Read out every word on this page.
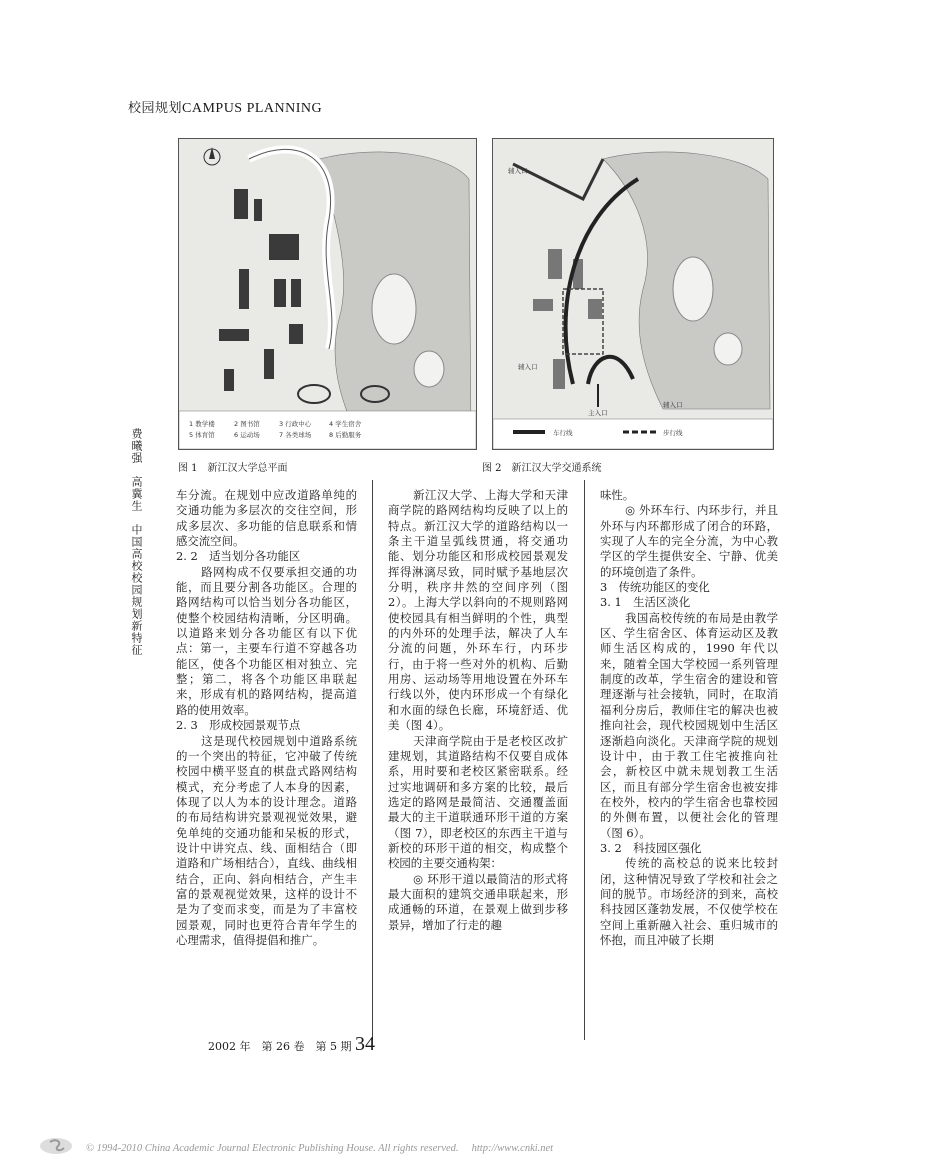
校园规划CAMPUS PLANNING
1 教学楼	2 图书馆	3 行政中心	4 学生宿舍
5 体育馆	6 运动场	7 各类球场	8 后勤服务
辅入口
辅入口
辅入口
主入口
车行线	步行线
图 1　新江汉大学总平面	图 2　新江汉大学交通系统
费曦强　高冀生　中国高校校园规划新特征	车分流。在规划中应改道路单纯的交通功能为多层次的交往空间，形成多层次、多功能的信息联系和情感交流空间。

2. 2　适当划分各功能区

路网构成不仅要承担交通的功能，而且要分割各功能区。合理的路网结构可以恰当划分各功能区，使整个校园结构清晰，分区明确。以道路来划分各功能区有以下优点：第一，主要车行道不穿越各功能区，使各个功能区相对独立、完整；第二，将各个功能区串联起来，形成有机的路网结构，提高道路的使用效率。

2. 3　形成校园景观节点

这是现代校园规划中道路系统的一个突出的特征，它冲破了传统校园中横平竖直的棋盘式路网结构模式，充分考虑了人本身的因素，体现了以人为本的设计理念。道路的布局结构讲究景观视觉效果，避免单纯的交通功能和呆板的形式，设计中讲究点、线、面相结合（即道路和广场相结合），直线、曲线相结合，正向、斜向相结合，产生丰富的景观视觉效果，这样的设计不是为了变而求变，而是为了丰富校园景观，同时也更符合青年学生的心理需求，值得提倡和推广。

新江汉大学、上海大学和天津商学院的路网结构均反映了以上的特点。新江汉大学的道路结构以一条主干道呈弧线贯通，将交通功能、划分功能区和形成校园景观发挥得淋漓尽致，同时赋予基地层次分明，秩序井然的空间序列（图 2）。上海大学以斜向的不规则路网使校园具有相当鲜明的个性，典型的内外环的处理手法，解决了人车分流的问题，外环车行，内环步行，由于将一些对外的机构、后勤用房、运动场等用地设置在外环车行线以外，使内环形成一个有绿化和水面的绿色长廊，环境舒适、优美（图 4）。

天津商学院由于是老校区改扩建规划，其道路结构不仅要自成体系，用时要和老校区紧密联系。经过实地调研和多方案的比较，最后选定的路网是最简洁、交通覆盖面最大的主干道联通环形干道的方案（图 7），即老校区的东西主干道与新校的环形干道的相交，构成整个校园的主要交通构架：

◎ 环形干道以最简洁的形式将最大面积的建筑交通串联起来，形成通畅的环道，在景观上做到步移景异，增加了行走的趣

味性。

◎ 外环车行、内环步行，并且外环与内环都形成了闭合的环路，实现了人车的完全分流，为中心教学区的学生提供安全、宁静、优美的环境创造了条件。

3　传统功能区的变化

3. 1　生活区淡化

我国高校传统的布局是由教学区、学生宿舍区、体育运动区及教师生活区构成的，1990 年代以来，随着全国大学校园一系列管理制度的改革，学生宿舍的建设和管理逐渐与社会接轨，同时，在取消福利分房后，教师住宅的解决也被推向社会，现代校园规划中生活区逐渐趋向淡化。天津商学院的规划设计中，由于教工住宅被推向社会，新校区中就未规划教工生活区，而且有部分学生宿舍也被安排在校外，校内的学生宿舍也靠校园的外侧布置，以便社会化的管理（图 6）。

3. 2　科技园区强化

传统的高校总的说来比较封闭，这种情况导致了学校和社会之间的脱节。市场经济的到来，高校科技园区蓬勃发展，不仅使学校在空间上重新融入社会、重归城市的怀抱，而且冲破了长期

2002 年　第 26 卷　第 5 期 34
© 1994-2010 China Academic Journal Electronic Publishing House. All rights reserved.　 http://www.cnki.net
